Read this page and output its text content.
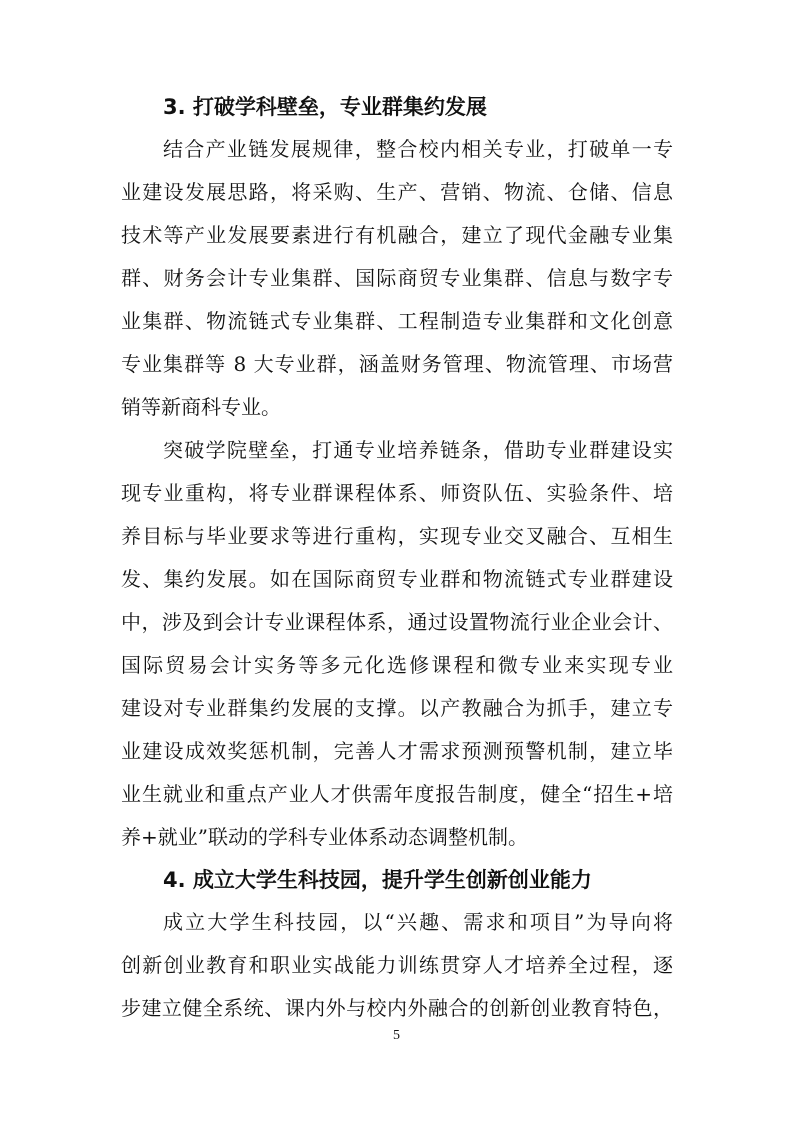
3. 打破学科壁垒，专业群集约发展

结合产业链发展规律，整合校内相关专业，打破单一专
业建设发展思路，将采购、生产、营销、物流、仓储、信息
技术等产业发展要素进行有机融合，建立了现代金融专业集
群、财务会计专业集群、国际商贸专业集群、信息与数字专
业集群、物流链式专业集群、工程制造专业集群和文化创意
专业集群等 8 大专业群，涵盖财务管理、物流管理、市场营
销等新商科专业。

突破学院壁垒，打通专业培养链条，借助专业群建设实
现专业重构，将专业群课程体系、师资队伍、实验条件、培
养目标与毕业要求等进行重构，实现专业交叉融合、互相生
发、集约发展。如在国际商贸专业群和物流链式专业群建设
中，涉及到会计专业课程体系，通过设置物流行业企业会计、
国际贸易会计实务等多元化选修课程和微专业来实现专业
建设对专业群集约发展的支撑。以产教融合为抓手，建立专
业建设成效奖惩机制，完善人才需求预测预警机制，建立毕
业生就业和重点产业人才供需年度报告制度，健全“招生+培
养+就业”联动的学科专业体系动态调整机制。

4. 成立大学生科技园，提升学生创新创业能力

成立大学生科技园，以“兴趣、需求和项目”为导向将
创新创业教育和职业实战能力训练贯穿人才培养全过程，逐
步建立健全系统、课内外与校内外融合的创新创业教育特色，

5
